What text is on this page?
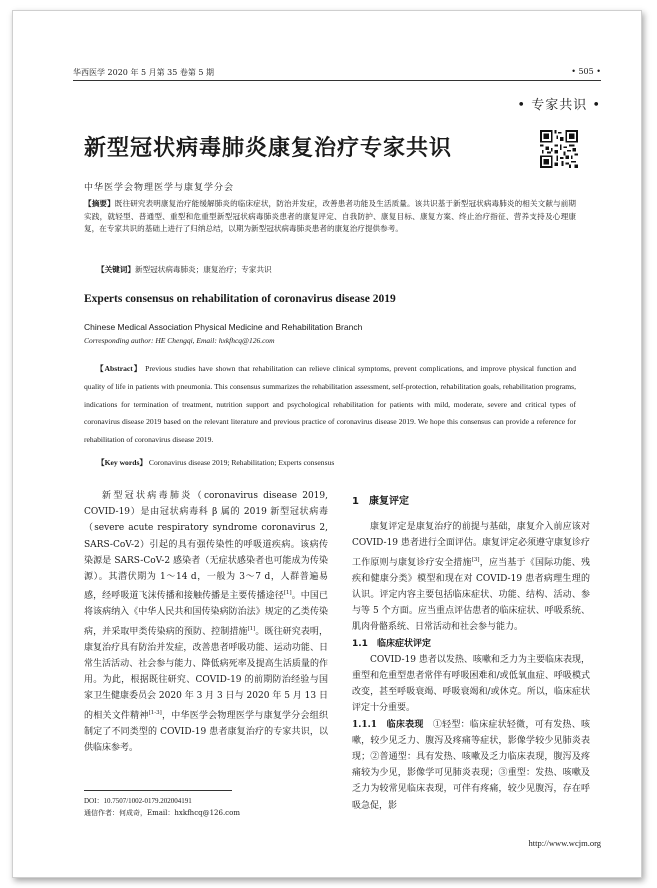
华西医学 2020 年 5 月第 35 卷第 5 期	• 505 •
• 专家共识 •
新型冠状病毒肺炎康复治疗专家共识
中华医学会物理医学与康复学分会
【摘要】既往研究表明康复治疗能缓解肺炎的临床症状，防治并发症，改善患者功能及生活质量。该共识基于新型冠状病毒肺炎的相关文献与前期实践，就轻型、普通型、重型和危重型新型冠状病毒肺炎患者的康复评定、自我防护、康复目标、康复方案、终止治疗指征、营养支持及心理康复，在专家共识的基础上进行了归纳总结，以期为新型冠状病毒肺炎患者的康复治疗提供参考。
【关键词】新型冠状病毒肺炎；康复治疗；专家共识
Experts consensus on rehabilitation of coronavirus disease 2019
Chinese Medical Association Physical Medicine and Rehabilitation Branch
Corresponding author: HE Chengqi, Email: hxkfhcq@126.com
【Abstract】 Previous studies have shown that rehabilitation can relieve clinical symptoms, prevent complications, and improve physical function and quality of life in patients with pneumonia. This consensus summarizes the rehabilitation assessment, self-protection, rehabilitation goals, rehabilitation programs, indications for termination of treatment, nutrition support and psychological rehabilitation for patients with mild, moderate, severe and critical types of coronavirus disease 2019 based on the relevant literature and previous practice of coronavirus disease 2019. We hope this consensus can provide a reference for rehabilitation of coronavirus disease 2019.
【Key words】 Coronavirus disease 2019; Rehabilitation; Experts consensus

新型冠状病毒肺炎（coronavirus disease 2019, COVID-19）是由冠状病毒科 β 属的 2019 新型冠状病毒（severe acute respiratory syndrome coronavirus 2, SARS-CoV-2）引起的具有强传染性的呼吸道疾病。该病传染源是 SARS-CoV-2 感染者（无症状感染者也可能成为传染源）。其潜伏期为 1～14 d，一般为 3～7 d，人群普遍易感，经呼吸道飞沫传播和接触传播是主要传播途径[1]。中国已将该病纳入《中华人民共和国传染病防治法》规定的乙类传染病，并采取甲类传染病的预防、控制措施[1]。既往研究表明，康复治疗具有防治并发症，改善患者呼吸功能、运动功能、日常生活活动、社会参与能力、降低病死率及提高生活质量的作用。为此，根据既往研究、COVID-19 的前期防治经验与国家卫生健康委员会 2020 年 3 月 3 日与 2020 年 5 月 13 日的相关文件精神[1-3]，中华医学会物理医学与康复学分会组织制定了不同类型的 COVID-19 患者康复治疗的专家共识，以供临床参考。

1　康复评定

康复评定是康复治疗的前提与基础，康复介入前应该对 COVID-19 患者进行全面评估。康复评定必须遵守康复诊疗工作原则与康复诊疗安全措施[3]，应当基于《国际功能、残疾和健康分类》模型和现在对 COVID-19 患者病理生理的认识。评定内容主要包括临床症状、功能、结构、活动、参与等 5 个方面。应当重点评估患者的临床症状、呼吸系统、肌肉骨骼系统、日常活动和社会参与能力。

1.1　临床症状评定

COVID-19 患者以发热、咳嗽和乏力为主要临床表现，重型和危重型患者常伴有呼吸困难和/或低氧血症、呼吸模式改变，甚至呼吸衰竭、呼吸衰竭和/或休克。所以，临床症状评定十分重要。

1.1.1　临床表现　 ①轻型：临床症状轻微，可有发热、咳嗽，较少见乏力、腹泻及疼痛等症状，影像学较少见肺炎表现；②普通型：具有发热、咳嗽及乏力临床表现，腹泻及疼痛较为少见，影像学可见肺炎表现；③重型：发热、咳嗽及乏力为较常见临床表现，可伴有疼痛，较少见腹泻，存在呼吸急促，影

DOI：10.7507/1002-0179.202004191
通信作者：何成奇，Email：hxkfhcq@126.com
http://www.wcjm.org
